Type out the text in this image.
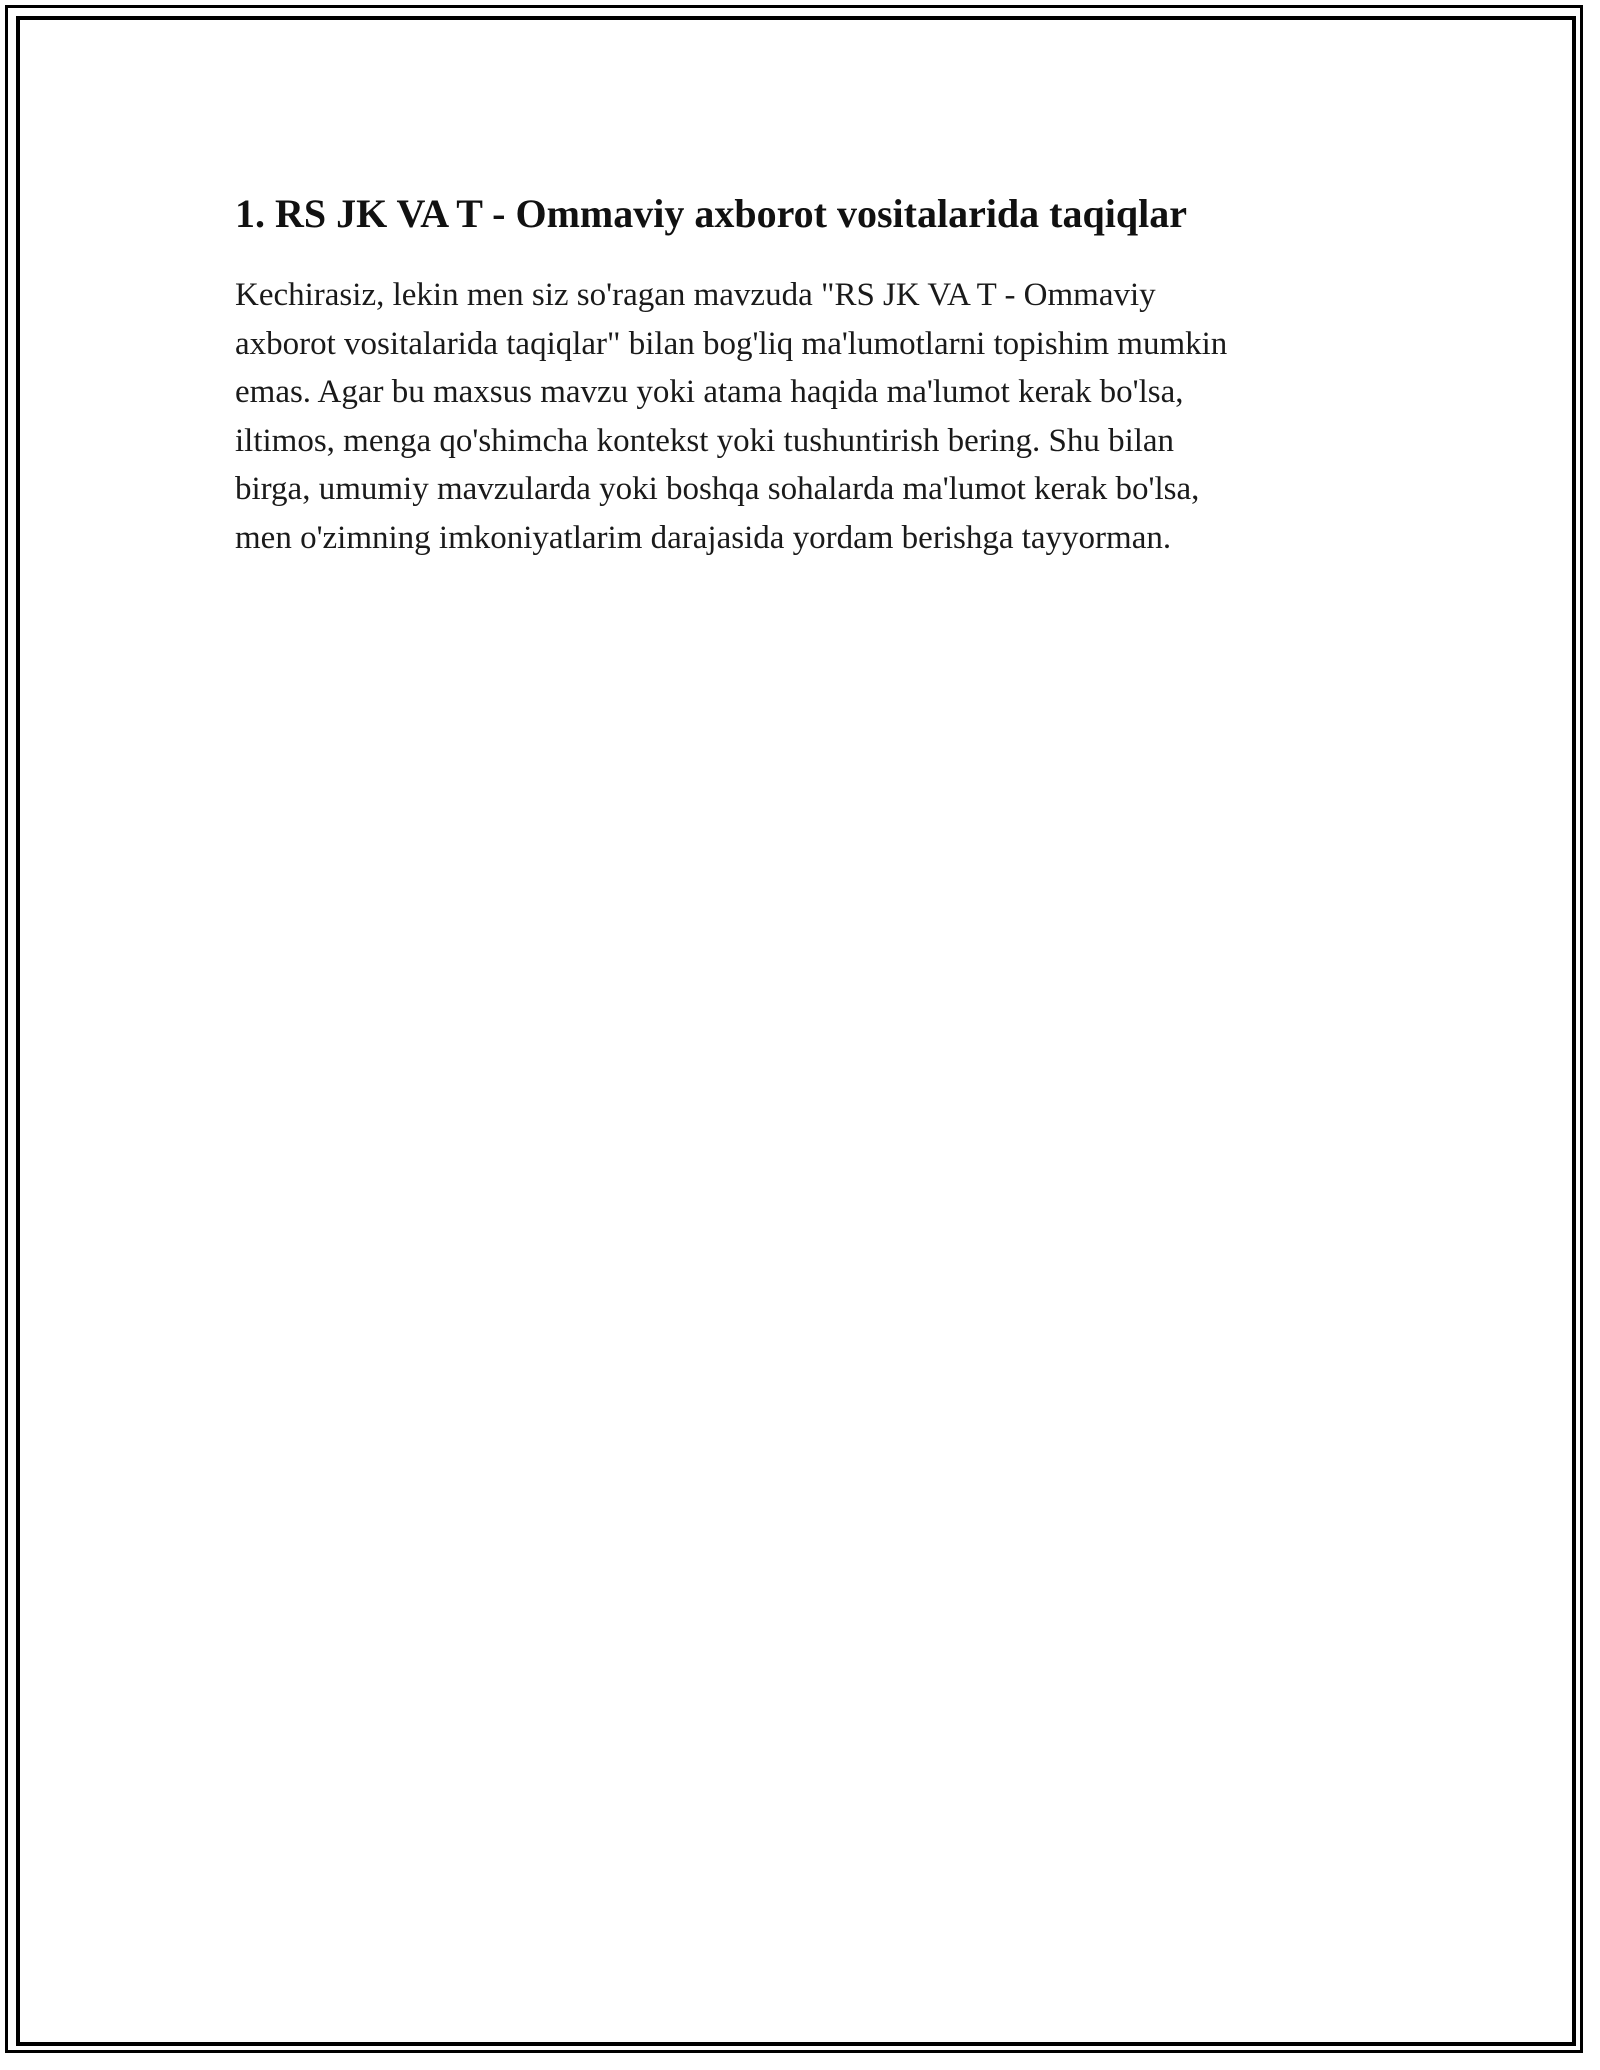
1. RS JK VA T - Ommaviy axborot vositalarida taqiqlar

Kechirasiz, lekin men siz so'ragan mavzuda "RS JK VA T - Ommaviy
axborot vositalarida taqiqlar" bilan bog'liq ma'lumotlarni topishim mumkin
emas. Agar bu maxsus mavzu yoki atama haqida ma'lumot kerak bo'lsa,
iltimos, menga qo'shimcha kontekst yoki tushuntirish bering. Shu bilan
birga, umumiy mavzularda yoki boshqa sohalarda ma'lumot kerak bo'lsa,
men o'zimning imkoniyatlarim darajasida yordam berishga tayyorman.
